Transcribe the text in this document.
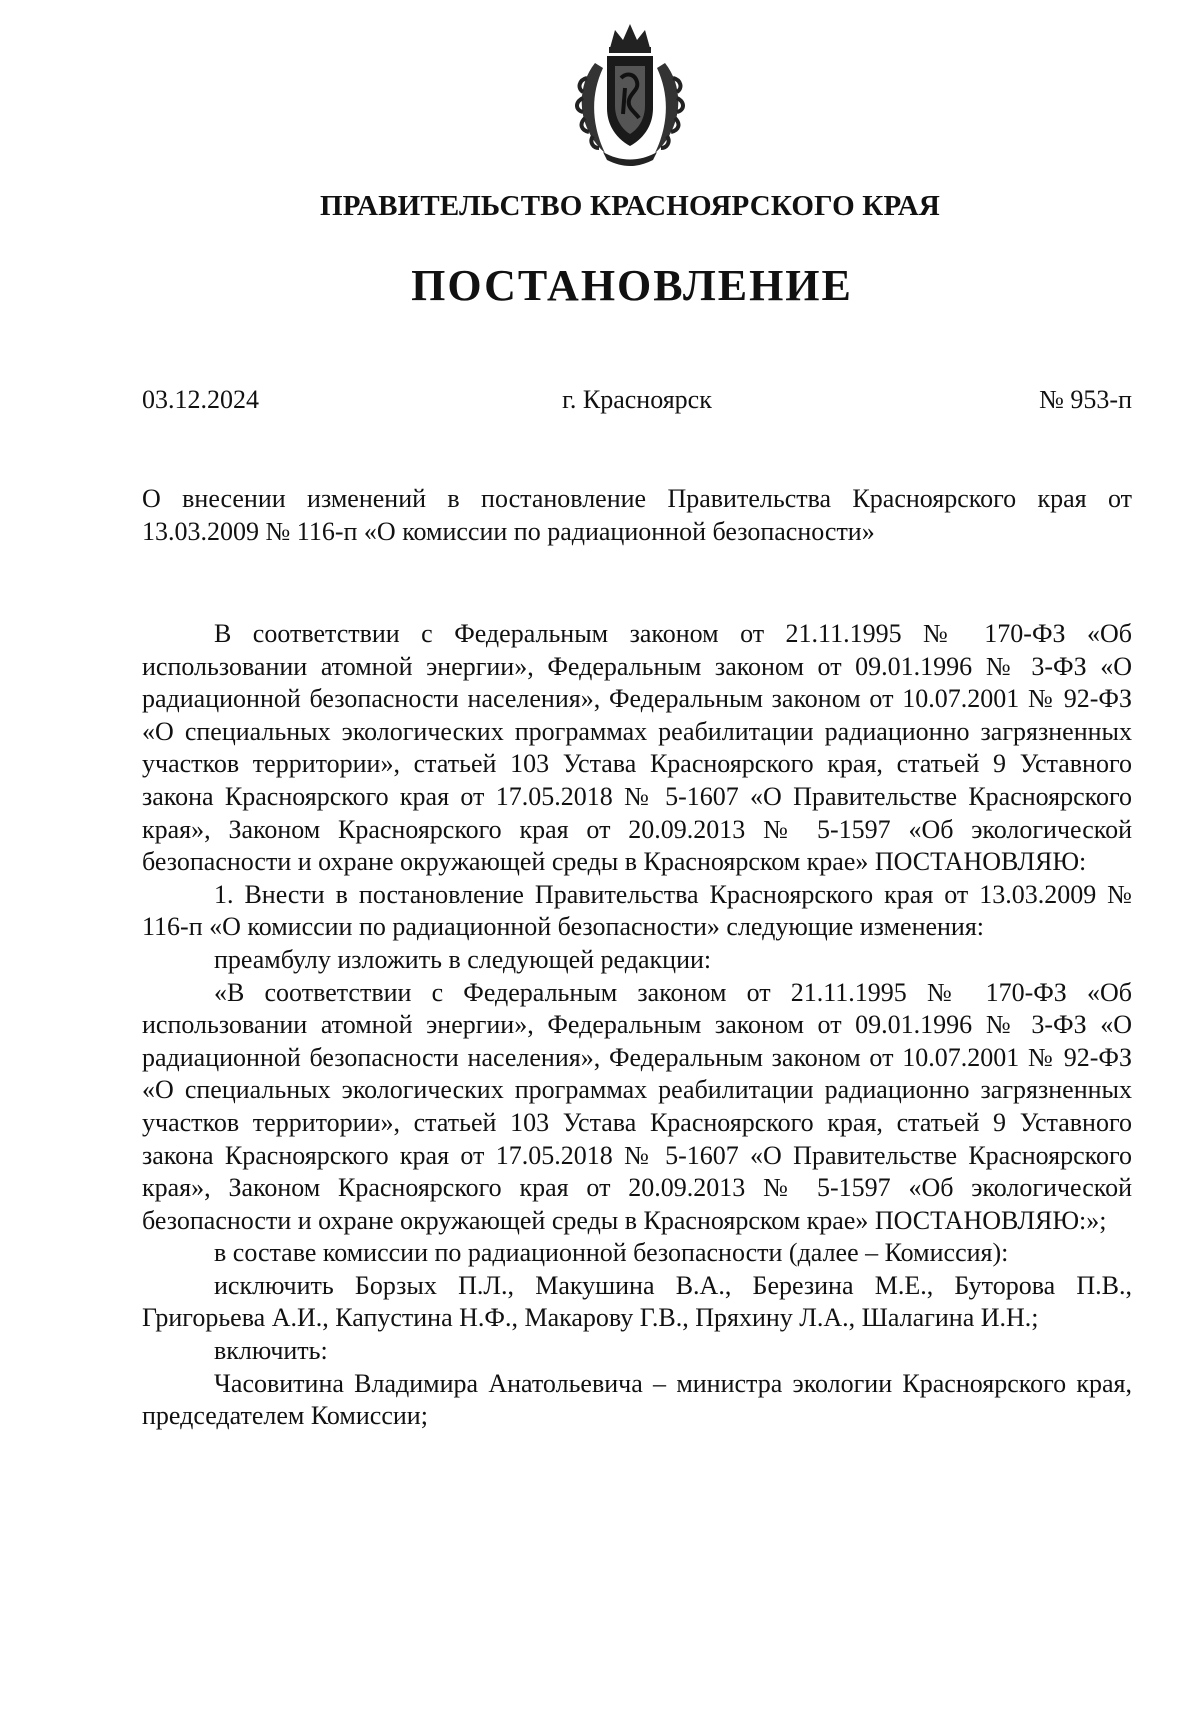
ПРАВИТЕЛЬСТВО КРАСНОЯРСКОГО КРАЯ
ПОСТАНОВЛЕНИЕ
03.12.2024	г. Красноярск	№ 953-п
О внесении изменений в постановление Правительства Красноярского края от 13.03.2009 № 116-п «О комиссии по радиационной безопасности»

В соответствии с Федеральным законом от 21.11.1995 № 170-ФЗ «Об использовании атомной энергии», Федеральным законом от 09.01.1996 № 3-ФЗ «О радиационной безопасности населения», Федеральным законом от 10.07.2001 № 92-ФЗ «О специальных экологических программах реабилитации радиационно загрязненных участков территории», статьей 103 Устава Красноярского края, статьей 9 Уставного закона Красноярского края от 17.05.2018 № 5-1607 «О Правительстве Красноярского края», Законом Красноярского края от 20.09.2013 № 5-1597 «Об экологической безопасности и охране окружающей среды в Красноярском крае» ПОСТАНОВЛЯЮ:

1. Внести в постановление Правительства Красноярского края от 13.03.2009 № 116-п «О комиссии по радиационной безопасности» следующие изменения:

преамбулу изложить в следующей редакции:

«В соответствии с Федеральным законом от 21.11.1995 № 170-ФЗ «Об использовании атомной энергии», Федеральным законом от 09.01.1996 № 3-ФЗ «О радиационной безопасности населения», Федеральным законом от 10.07.2001 № 92-ФЗ «О специальных экологических программах реабилитации радиационно загрязненных участков территории», статьей 103 Устава Красноярского края, статьей 9 Уставного закона Красноярского края от 17.05.2018 № 5-1607 «О Правительстве Красноярского края», Законом Красноярского края от 20.09.2013 № 5-1597 «Об экологической безопасности и охране окружающей среды в Красноярском крае» ПОСТАНОВЛЯЮ:»;

в составе комиссии по радиационной безопасности (далее – Комиссия):

исключить Борзых П.Л., Макушина В.А., Березина М.Е., Буторова П.В., Григорьева А.И., Капустина Н.Ф., Макарову Г.В., Пряхину Л.А., Шалагина И.Н.;

включить:

Часовитина Владимира Анатольевича – министра экологии Красноярского края, председателем Комиссии;
